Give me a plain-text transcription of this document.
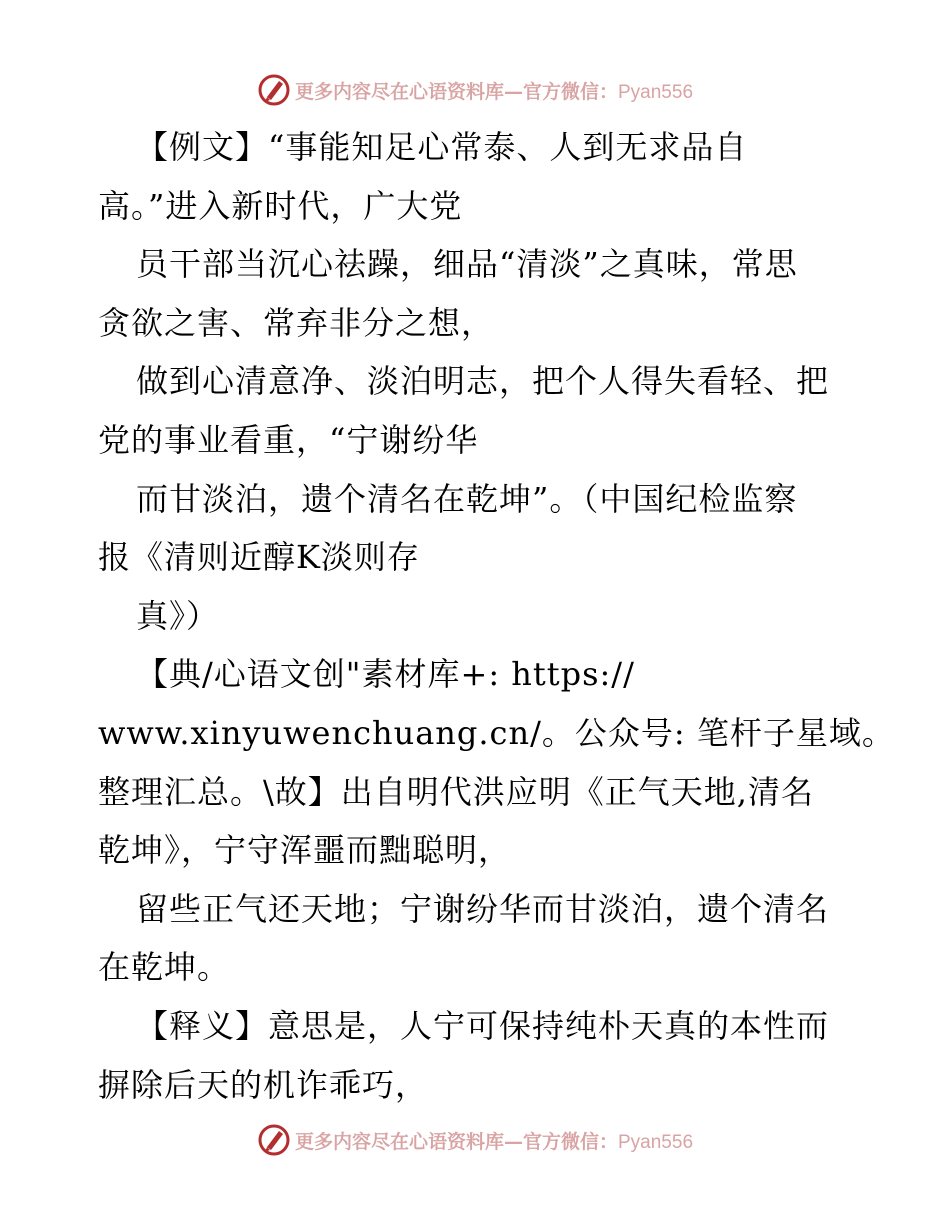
更多内容尽在心语资料库—官方微信：Pyan556
【例文】“事能知足心常泰、人到无求品自
高。”进入新时代，广大党
员干部当沉心祛躁，细品“清淡”之真味，常思
贪欲之害、常弃非分之想，
做到心清意净、淡泊明志，把个人得失看轻、把
党的事业看重，“宁谢纷华
而甘淡泊，遗个清名在乾坤”。（中国纪检监察
报《清则近醇K淡则存
真》）
【典/心语文创"素材库+: https://
www.xinyuwenchuang.cn/。公众号: 笔杆子星域。
整理汇总。\故】出自明代洪应明《正气天地,清名
乾坤》，宁守浑噩而黜聪明，
留些正气还天地；宁谢纷华而甘淡泊，遗个清名
在乾坤。
【释义】意思是，人宁可保持纯朴天真的本性而
摒除后天的机诈乖巧，
更多内容尽在心语资料库—官方微信：Pyan556
